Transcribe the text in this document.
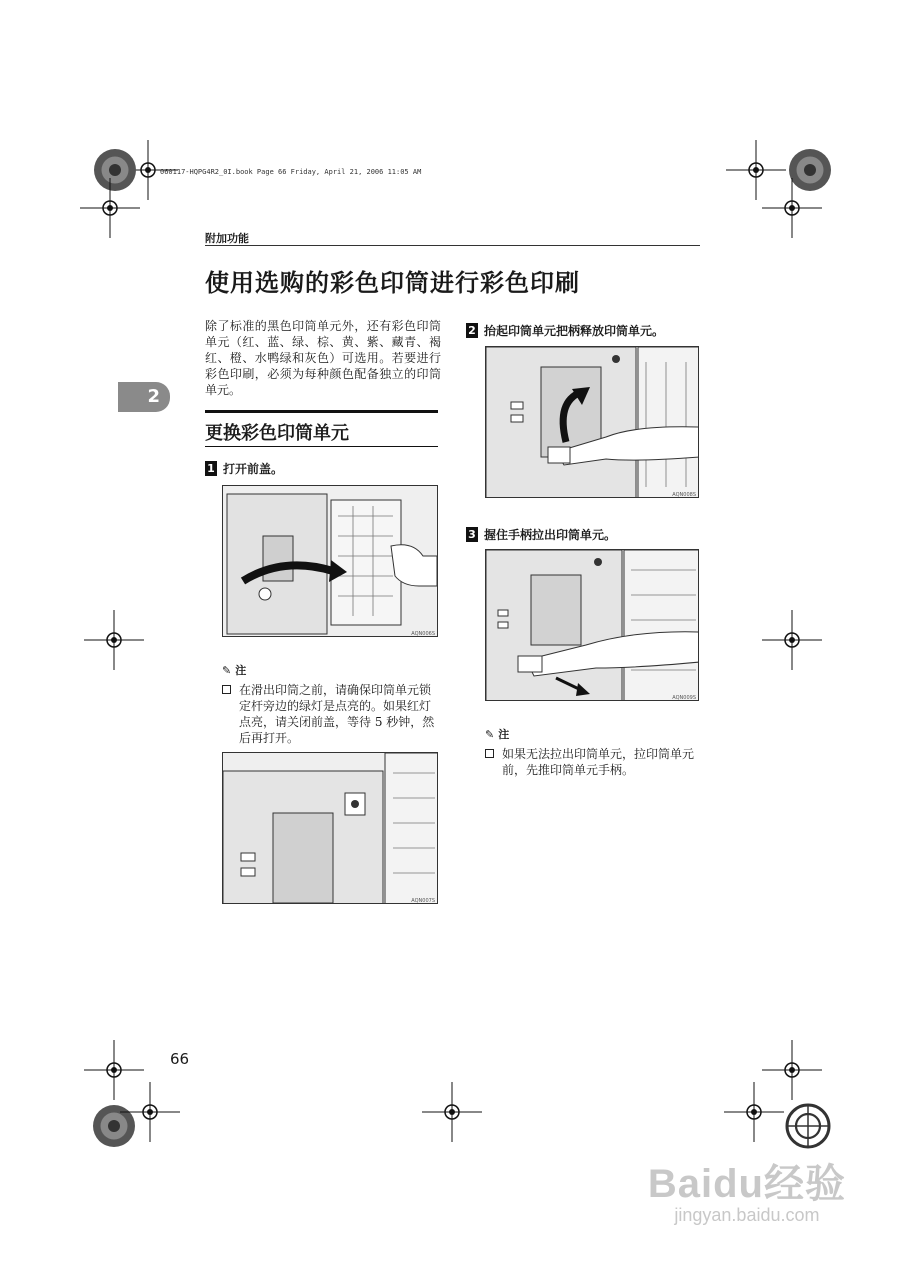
060117-HQPG4R2_0I.book Page 66 Friday, April 21, 2006 11:05 AM
附加功能
使用选购的彩色印筒进行彩色印刷
2
除了标准的黑色印筒单元外，还有彩色印筒单元（红、蓝、绿、棕、黄、紫、藏青、褐红、橙、水鸭绿和灰色）可选用。若要进行彩色印刷，必须为每种颜色配备独立的印筒单元。
更换彩色印筒单元
1 打开前盖。
AQN006S
✎ 注
在滑出印筒之前，请确保印筒单元锁定杆旁边的绿灯是点亮的。如果红灯点亮，请关闭前盖，等待 5 秒钟，然后再打开。
AQN007S
2 抬起印筒单元把柄释放印筒单元。
AQN008S
3 握住手柄拉出印筒单元。
AQN009S
✎ 注
如果无法拉出印筒单元，拉印筒单元前，先推印筒单元手柄。
66
Baidu经验
jingyan.baidu.com
